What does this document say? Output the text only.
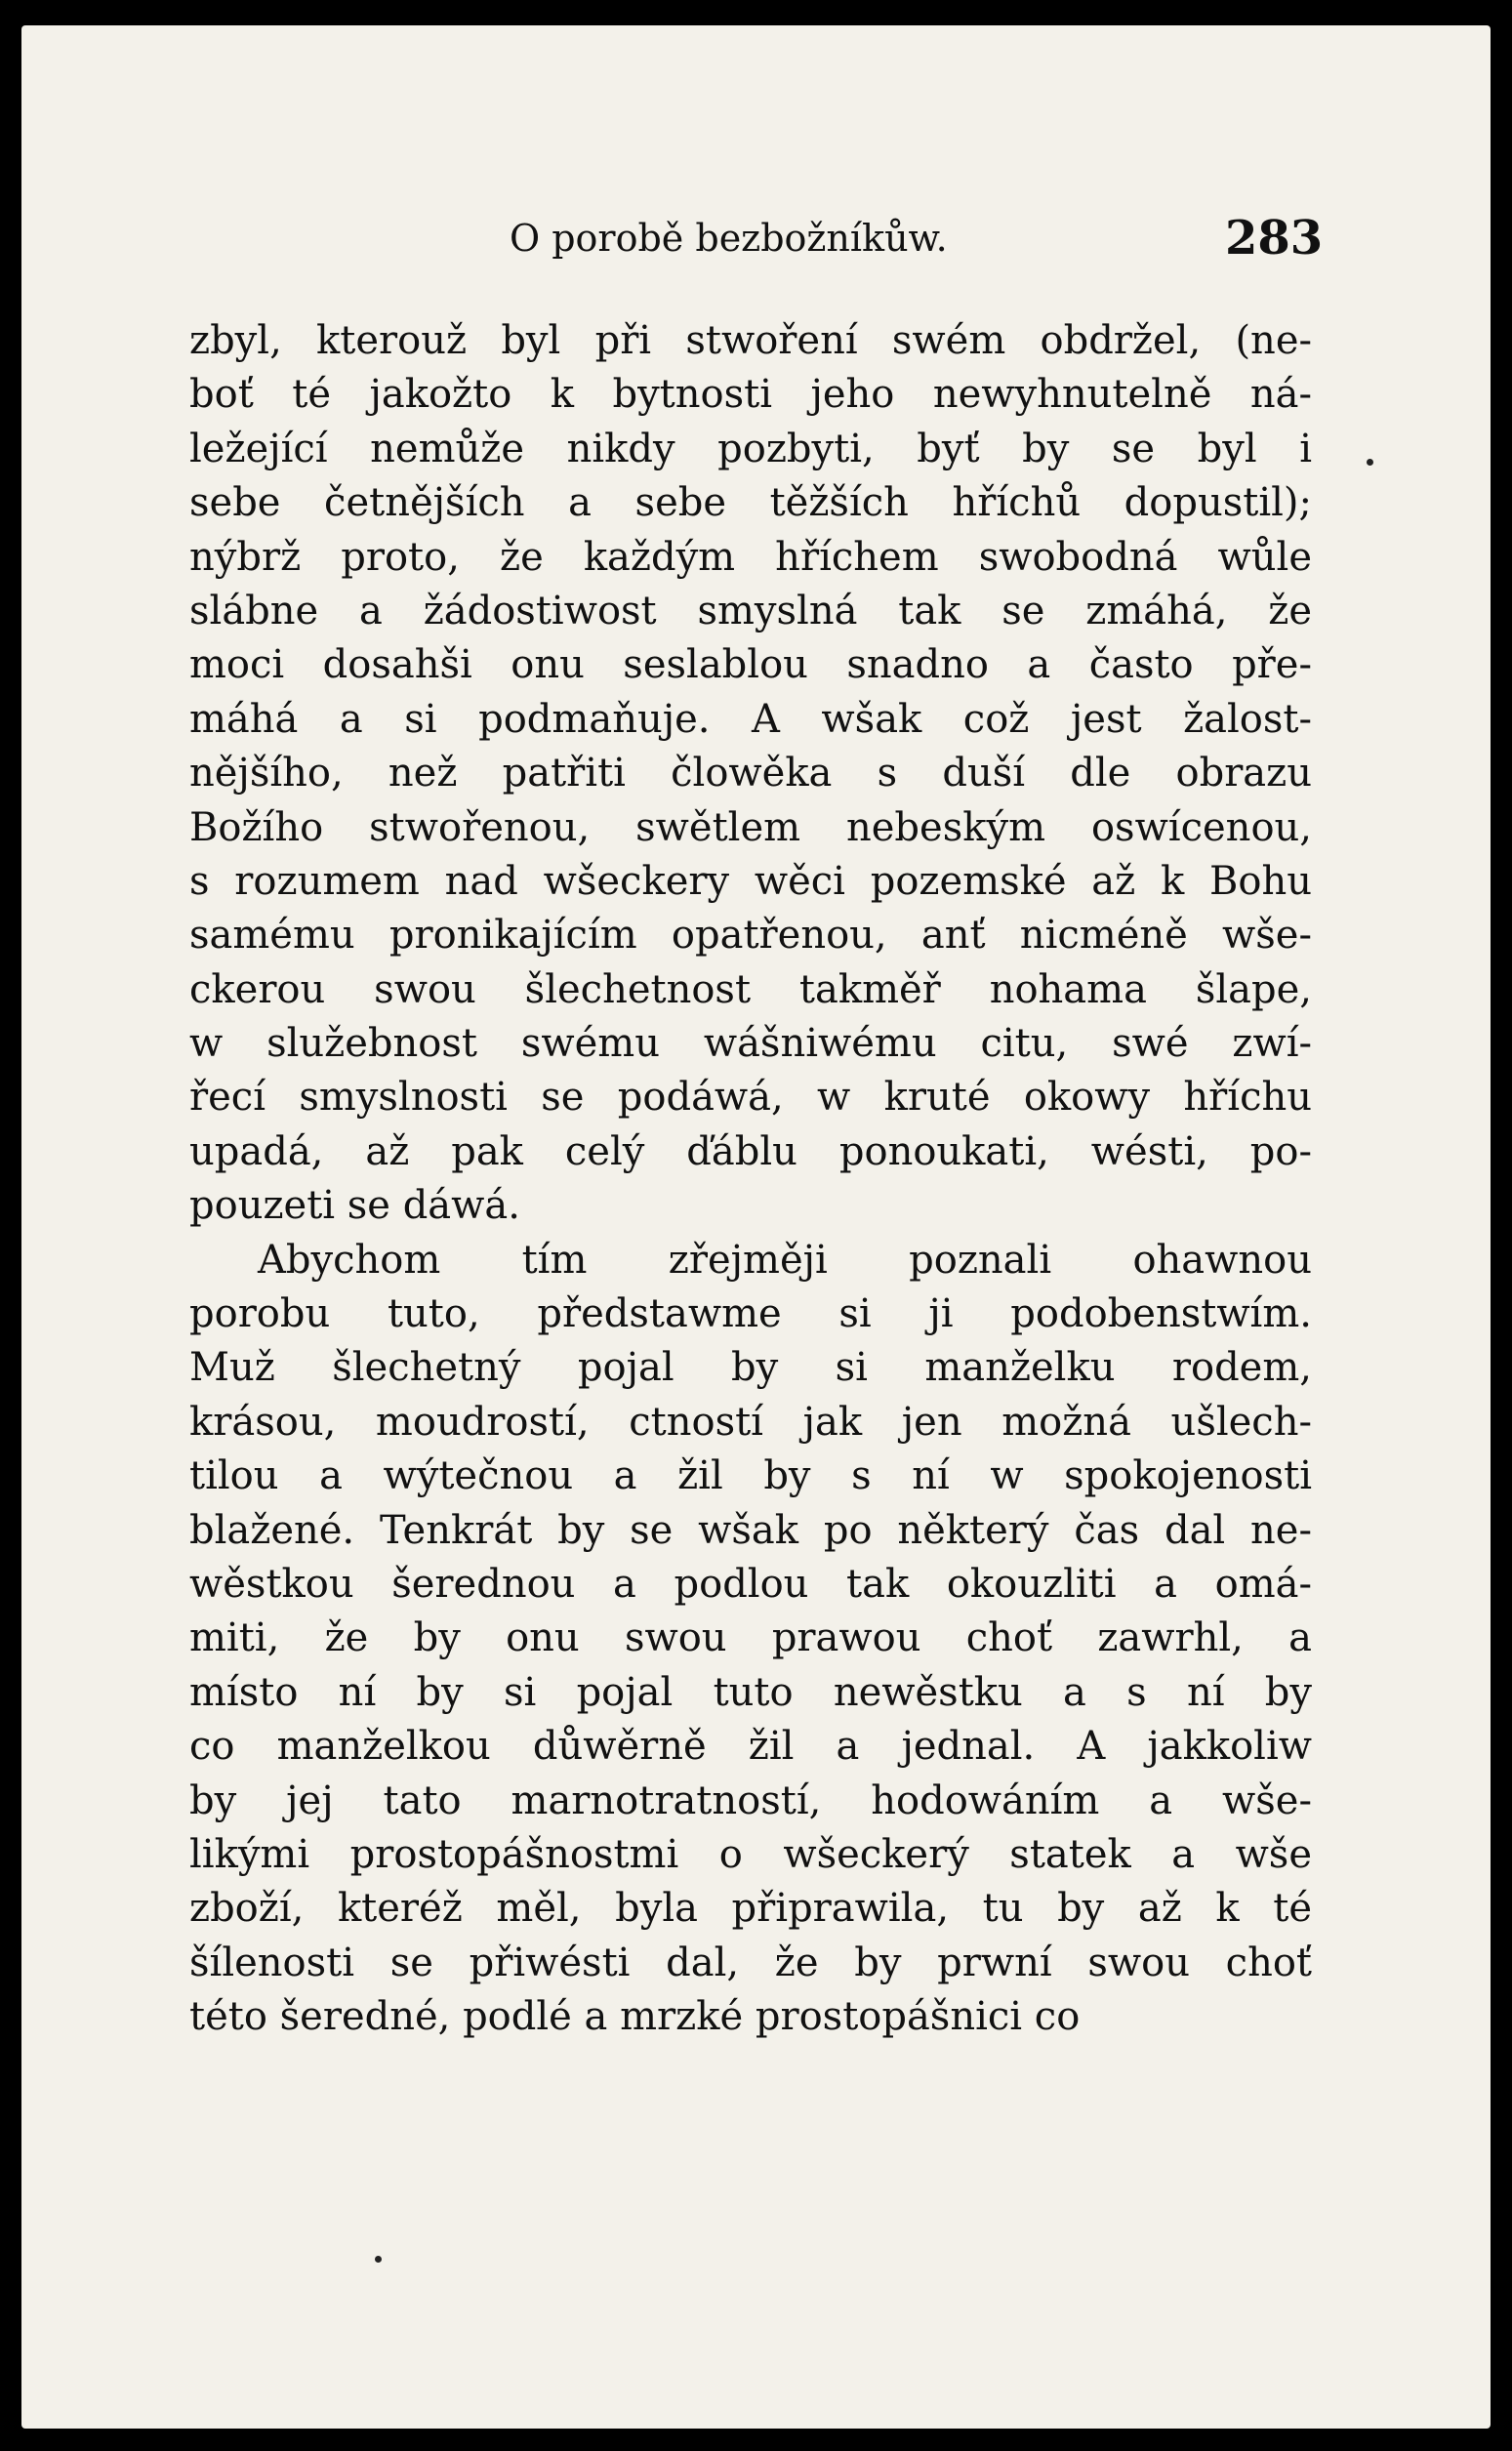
O porobě bezbožníkůw.	283
zbyl, kterouž byl při stwoření swém obdržel, (ne-
boť té jakožto k bytnosti jeho newyhnutelně ná-
ležející nemůže nikdy pozbyti, byť by se byl i
sebe četnějších a sebe těžších hříchů dopustil);
nýbrž proto, že každým hříchem swobodná wůle
slábne a žádostiwost smyslná tak se zmáhá, že
moci dosahši onu seslablou snadno a často pře-
máhá a si podmaňuje. A wšak což jest žalost-
nějšího, než patřiti člowěka s duší dle obrazu
Božího stwořenou, swětlem nebeským oswícenou,
s rozumem nad wšeckery wěci pozemské až k Bohu
samému pronikajícím opatřenou, anť nicméně wše-
ckerou swou šlechetnost takměř nohama šlape,
w služebnost swému wášniwému citu, swé zwí-
řecí smyslnosti se podáwá, w kruté okowy hříchu
upadá, až pak celý ďáblu ponoukati, wésti, po-
pouzeti se dáwá.
Abychom tím zřejměji poznali ohawnou
porobu tuto, předstawme si ji podobenstwím.
Muž šlechetný pojal by si manželku rodem,
krásou, moudrostí, ctností jak jen možná ušlech-
tilou a wýtečnou a žil by s ní w spokojenosti
blažené. Tenkrát by se wšak po některý čas dal ne-
wěstkou šerednou a podlou tak okouzliti a omá-
miti, že by onu swou prawou choť zawrhl, a
místo ní by si pojal tuto newěstku a s ní by
co manželkou důwěrně žil a jednal. A jakkoliw
by jej tato marnotratností, hodowáním a wše-
likými prostopášnostmi o wšeckerý statek a wše
zboží, kteréž měl, byla připrawila, tu by až k té
šílenosti se přiwésti dal, že by prwní swou choť
této šeredné, podlé a mrzké prostopášnici co
